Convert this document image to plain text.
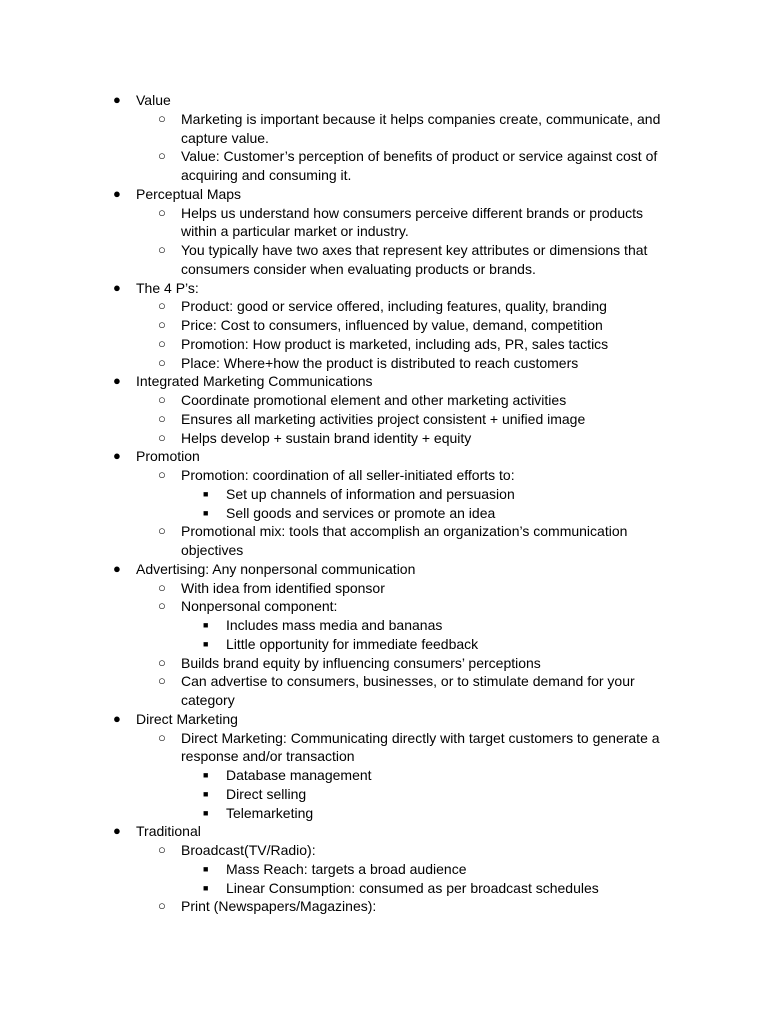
● Value
○ Marketing is important because it helps companies create, communicate, and capture value.
○ Value: Customer’s perception of benefits of product or service against cost of acquiring and consuming it.
● Perceptual Maps
○ Helps us understand how consumers perceive different brands or products within a particular market or industry.
○ You typically have two axes that represent key attributes or dimensions that consumers consider when evaluating products or brands.
● The 4 P’s:
○ Product: good or service offered, including features, quality, branding
○ Price: Cost to consumers, influenced by value, demand, competition
○ Promotion: How product is marketed, including ads, PR, sales tactics
○ Place: Where+how the product is distributed to reach customers
● Integrated Marketing Communications
○ Coordinate promotional element and other marketing activities
○ Ensures all marketing activities project consistent + unified image
○ Helps develop + sustain brand identity + equity
● Promotion
○ Promotion: coordination of all seller-initiated efforts to:
■ Set up channels of information and persuasion
■ Sell goods and services or promote an idea
○ Promotional mix: tools that accomplish an organization’s communication objectives
● Advertising: Any nonpersonal communication
○ With idea from identified sponsor
○ Nonpersonal component:
■ Includes mass media and bananas
■ Little opportunity for immediate feedback
○ Builds brand equity by influencing consumers’ perceptions
○ Can advertise to consumers, businesses, or to stimulate demand for your category
● Direct Marketing
○ Direct Marketing: Communicating directly with target customers to generate a response and/or transaction
■ Database management
■ Direct selling
■ Telemarketing
● Traditional
○ Broadcast(TV/Radio):
■ Mass Reach: targets a broad audience
■ Linear Consumption: consumed as per broadcast schedules
○ Print (Newspapers/Magazines):
